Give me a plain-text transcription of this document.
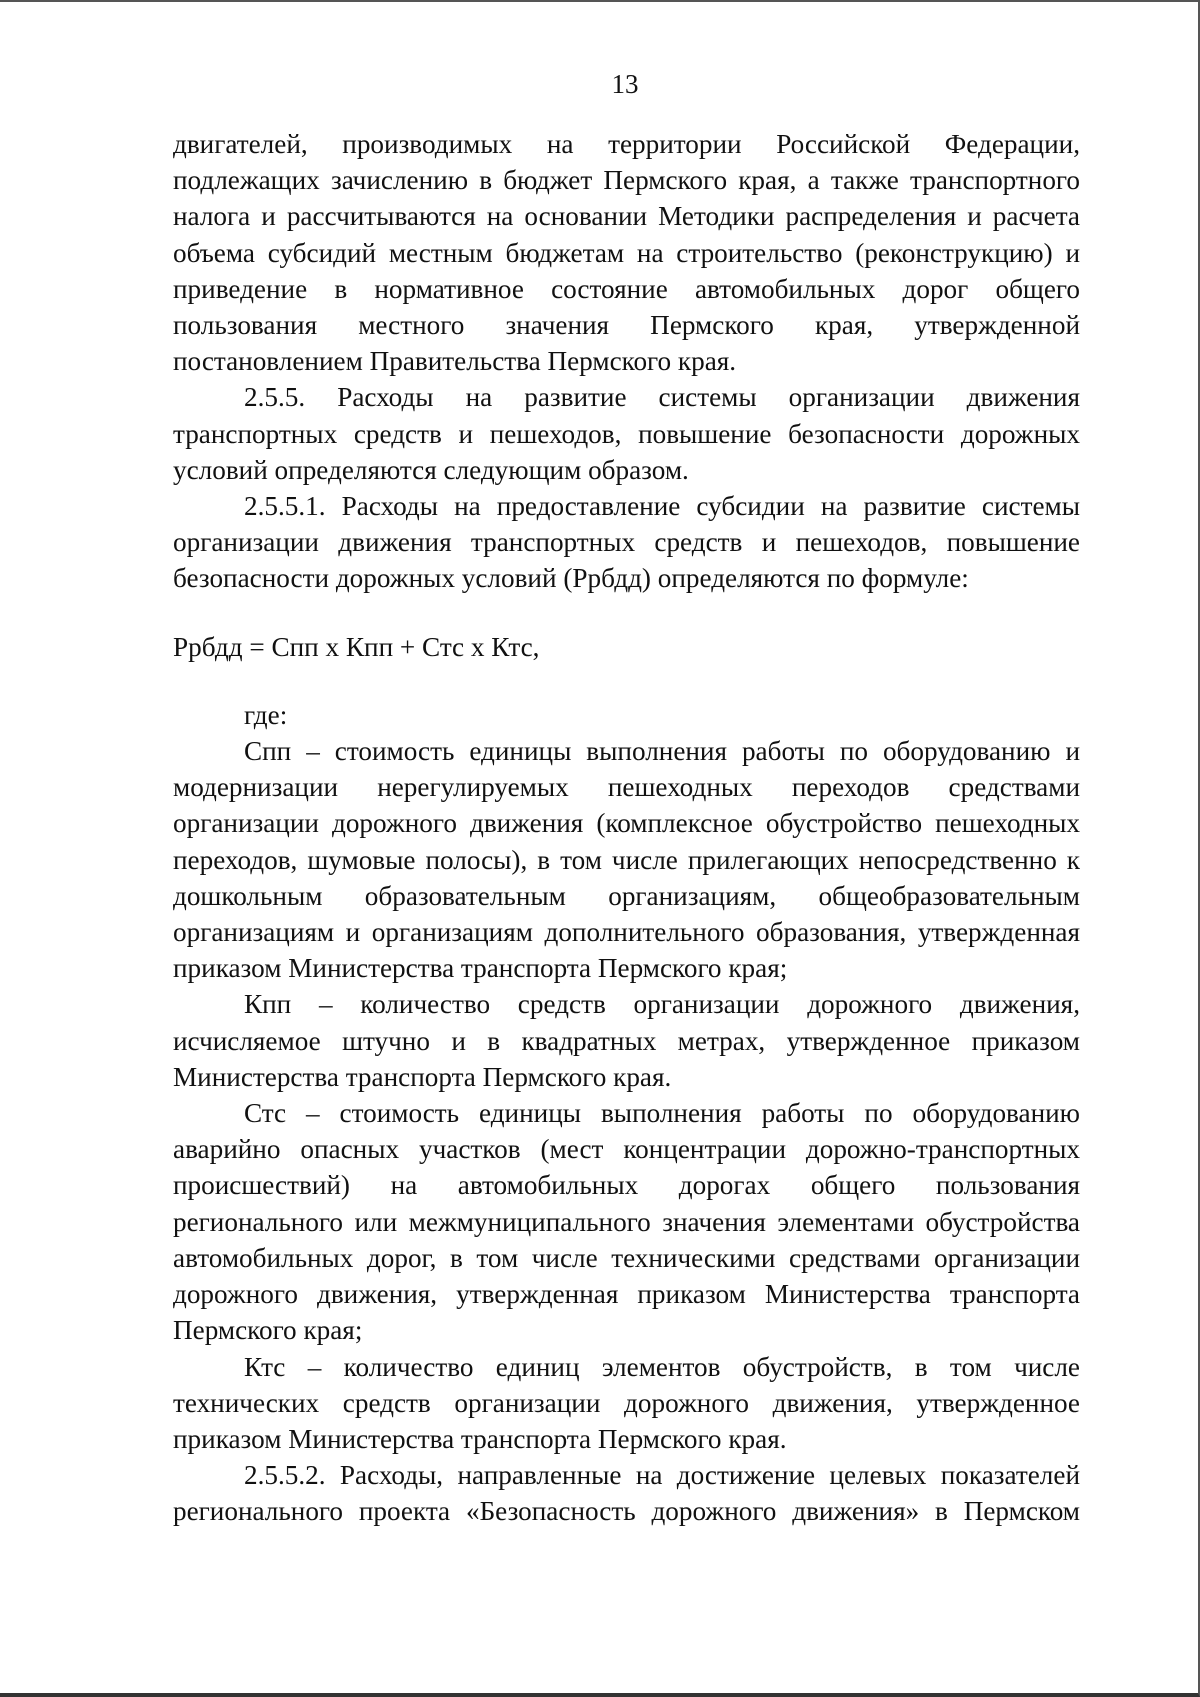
13

двигателей, производимых на территории Российской Федерации, подлежащих зачислению в бюджет Пермского края, а также транспортного налога и рассчитываются на основании Методики распределения и расчета объема субсидий местным бюджетам на строительство (реконструкцию) и приведение в нормативное состояние автомобильных дорог общего пользования местного значения Пермского края, утвержденной постановлением Правительства Пермского края.

2.5.5. Расходы на развитие системы организации движения транспортных средств и пешеходов, повышение безопасности дорожных условий определяются следующим образом.

2.5.5.1. Расходы на предоставление субсидии на развитие системы организации движения транспортных средств и пешеходов, повышение безопасности дорожных условий (Ррбдд) определяются по формуле:

Ррбдд = Спп х Кпп + Стс х Ктс,

где:

Спп – стоимость единицы выполнения работы по оборудованию и модернизации нерегулируемых пешеходных переходов средствами организации дорожного движения (комплексное обустройство пешеходных переходов, шумовые полосы), в том числе прилегающих непосредственно к дошкольным образовательным организациям, общеобразовательным организациям и организациям дополнительного образования, утвержденная приказом Министерства транспорта Пермского края;

Кпп – количество средств организации дорожного движения, исчисляемое штучно и в квадратных метрах, утвержденное приказом Министерства транспорта Пермского края.

Стс – стоимость единицы выполнения работы по оборудованию аварийно опасных участков (мест концентрации дорожно-транспортных происшествий) на автомобильных дорогах общего пользования регионального или межмуниципального значения элементами обустройства автомобильных дорог, в том числе техническими средствами организации дорожного движения, утвержденная приказом Министерства транспорта Пермского края;

Ктс – количество единиц элементов обустройств, в том числе технических средств организации дорожного движения, утвержденное приказом Министерства транспорта Пермского края.

2.5.5.2. Расходы, направленные на достижение целевых показателей регионального проекта «Безопасность дорожного движения» в Пермском
